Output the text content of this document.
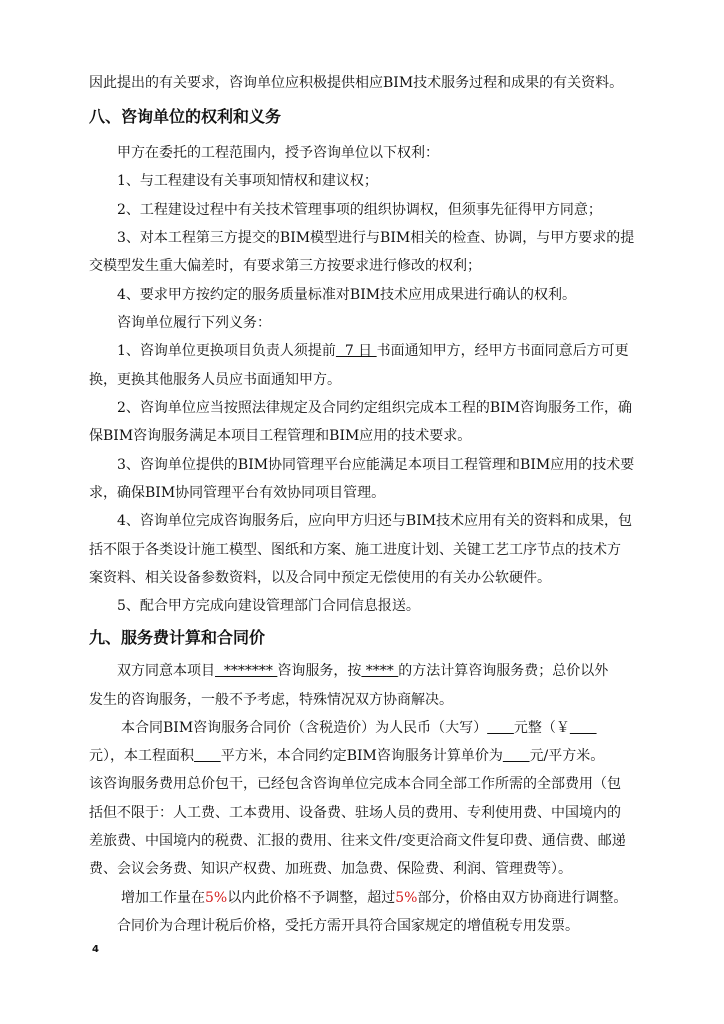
因此提出的有关要求，咨询单位应积极提供相应BIM技术服务过程和成果的有关资料。
八、咨询单位的权利和义务
甲方在委托的工程范围内，授予咨询单位以下权利：
1、与工程建设有关事项知情权和建议权；
2、工程建设过程中有关技术管理事项的组织协调权，但须事先征得甲方同意；
3、对本工程第三方提交的BIM模型进行与BIM相关的检查、协调，与甲方要求的提
交模型发生重大偏差时，有要求第三方按要求进行修改的权利；
4、要求甲方按约定的服务质量标准对BIM技术应用成果进行确认的权利。
咨询单位履行下列义务：
1、咨询单位更换项目负责人须提前  7 日 书面通知甲方，经甲方书面同意后方可更
换，更换其他服务人员应书面通知甲方。
2、咨询单位应当按照法律规定及合同约定组织完成本工程的BIM咨询服务工作，确
保BIM咨询服务满足本项目工程管理和BIM应用的技术要求。
3、咨询单位提供的BIM协同管理平台应能满足本项目工程管理和BIM应用的技术要
求，确保BIM协同管理平台有效协同项目管理。
4、咨询单位完成咨询服务后，应向甲方归还与BIM技术应用有关的资料和成果，包
括不限于各类设计施工模型、图纸和方案、施工进度计划、关键工艺工序节点的技术方
案资料、相关设备参数资料，以及合同中预定无偿使用的有关办公软硬件。
5、配合甲方完成向建设管理部门合同信息报送。
九、服务费计算和合同价
双方同意本项目  ******* 咨询服务，按 **** 的方法计算咨询服务费；总价以外
发生的咨询服务，一般不予考虑，特殊情况双方协商解决。
本合同BIM咨询服务合同价（含税造价）为人民币（大写） 元整（￥
元），本工程面积 平方米，本合同约定BIM咨询服务计算单价为 元/平方米。
该咨询服务费用总价包干，已经包含咨询单位完成本合同全部工作所需的全部费用（包
括但不限于：人工费、工本费用、设备费、驻场人员的费用、专利使用费、中国境内的
差旅费、中国境内的税费、汇报的费用、往来文件/变更洽商文件复印费、通信费、邮递
费、会议会务费、知识产权费、加班费、加急费、保险费、利润、管理费等）。
增加工作量在5%以内此价格不予调整，超过5%部分，价格由双方协商进行调整。
合同价为合理计税后价格，受托方需开具符合国家规定的增值税专用发票。
4
